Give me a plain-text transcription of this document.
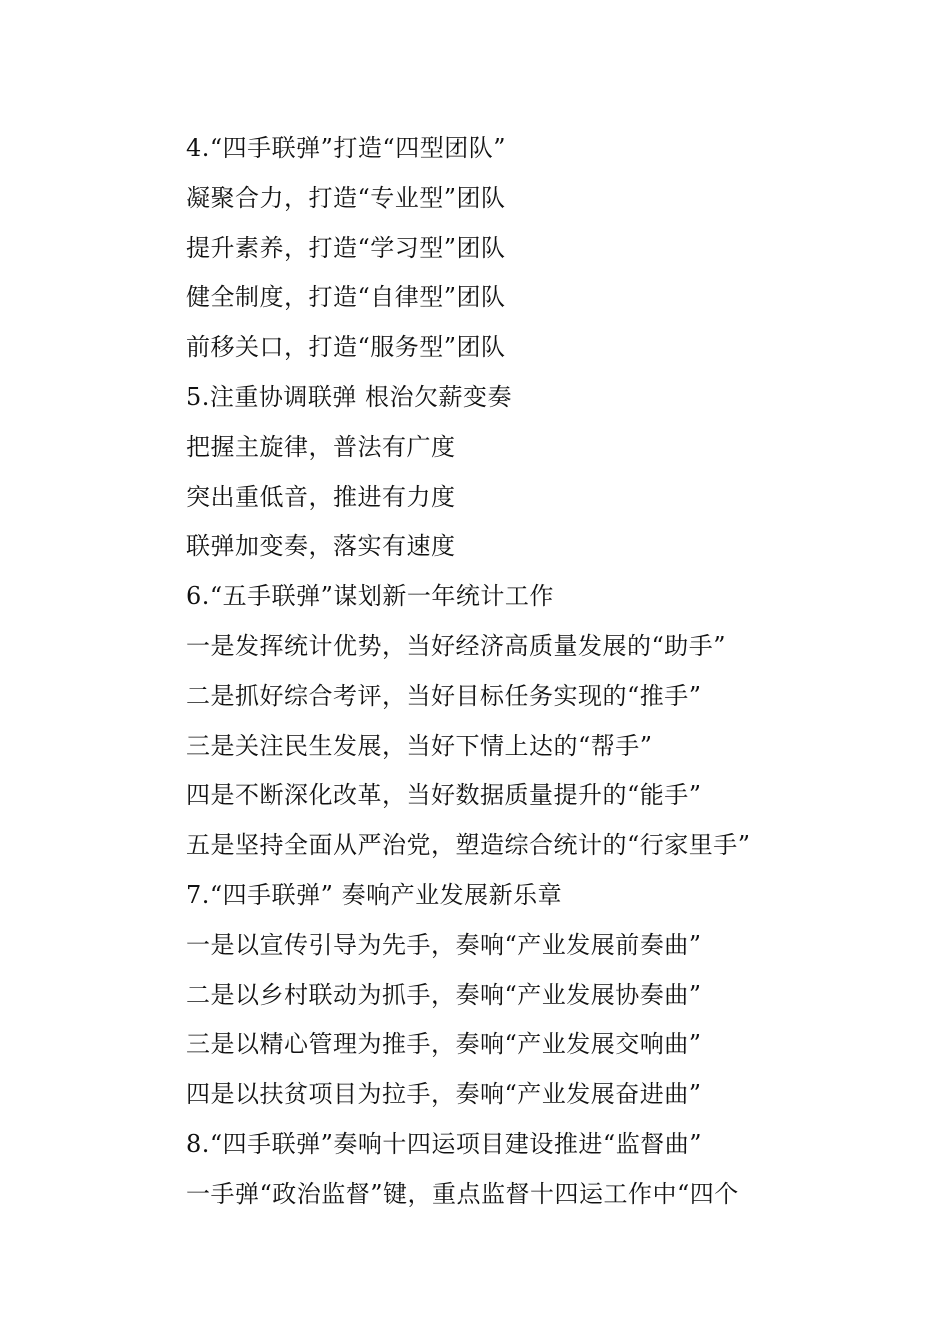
4.“四手联弹”打造“四型团队”
凝聚合力，打造“专业型”团队
提升素养，打造“学习型”团队
健全制度，打造“自律型”团队
前移关口，打造“服务型”团队
5.注重协调联弹 根治欠薪变奏
把握主旋律，普法有广度
突出重低音，推进有力度
联弹加变奏，落实有速度
6.“五手联弹”谋划新一年统计工作
一是发挥统计优势，当好经济高质量发展的“助手”
二是抓好综合考评，当好目标任务实现的“推手”
三是关注民生发展，当好下情上达的“帮手”
四是不断深化改革，当好数据质量提升的“能手”
五是坚持全面从严治党，塑造综合统计的“行家里手”
7.“四手联弹” 奏响产业发展新乐章
一是以宣传引导为先手，奏响“产业发展前奏曲”
二是以乡村联动为抓手，奏响“产业发展协奏曲”
三是以精心管理为推手，奏响“产业发展交响曲”
四是以扶贫项目为拉手，奏响“产业发展奋进曲”
8.“四手联弹”奏响十四运项目建设推进“监督曲”
一手弹“政治监督”键，重点监督十四运工作中“四个
